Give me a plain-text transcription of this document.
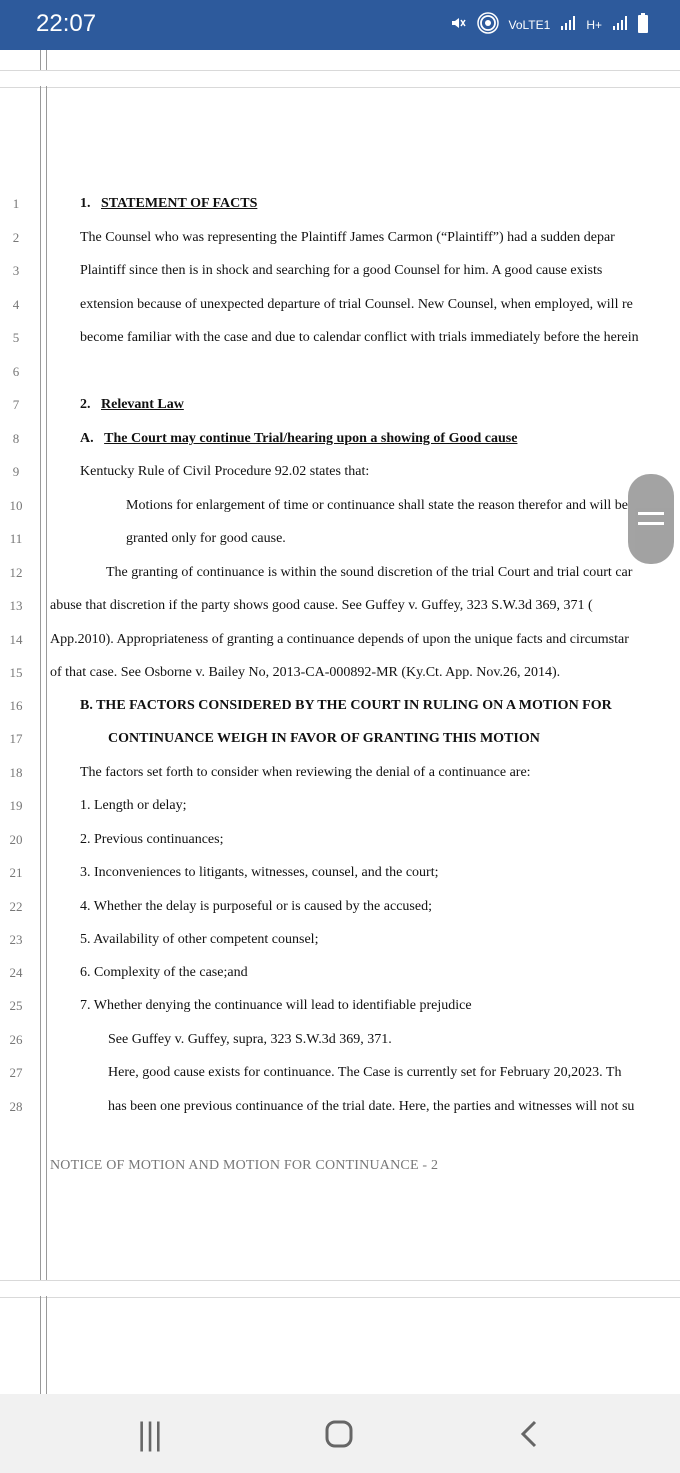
22:07	VoLTE1	H+
1	1.   STATEMENT OF FACTS
2	The Counsel who was representing the Plaintiff James Carmon (“Plaintiff”) had a sudden depar
3	Plaintiff since then is in shock and searching for a good Counsel for him. A good cause exists
4	extension because of unexpected departure of trial Counsel. New Counsel, when employed, will re
5	become familiar with the case and due to calendar conflict with trials immediately before the herein
6
7	2.   Relevant Law
8	A.   The Court may continue Trial/hearing upon a showing of Good cause
9	Kentucky Rule of Civil Procedure 92.02 states that:
10	Motions for enlargement of time or continuance shall state the reason therefor and will be
11	granted only for good cause.
12	The granting of continuance is within the sound discretion of the trial Court and trial court car
13	abuse that discretion if the party shows good cause. See Guffey v. Guffey, 323 S.W.3d 369, 371 (
14	App.2010). Appropriateness of granting a continuance depends of upon the unique facts and circumstar
15	of that case. See Osborne v. Bailey No, 2013-CA-000892-MR (Ky.Ct. App. Nov.26, 2014).
16	B. THE FACTORS CONSIDERED BY THE COURT IN RULING ON A MOTION FOR
17	CONTINUANCE WEIGH IN FAVOR OF GRANTING THIS MOTION
18	The factors set forth to consider when reviewing the denial of a continuance are:
19	1. Length or delay;
20	2. Previous continuances;
21	3. Inconveniences to litigants, witnesses, counsel, and the court;
22	4. Whether the delay is purposeful or is caused by the accused;
23	5. Availability of other competent counsel;
24	6. Complexity of the case;and
25	7. Whether denying the continuance will lead to identifiable prejudice
26	See Guffey v. Guffey, supra, 323 S.W.3d 369, 371.
27	Here, good cause exists for continuance. The Case is currently set for February 20,2023. Th
28	has been one previous continuance of the trial date. Here, the parties and witnesses will not su
NOTICE OF MOTION AND MOTION FOR CONTINUANCE - 2
|||
